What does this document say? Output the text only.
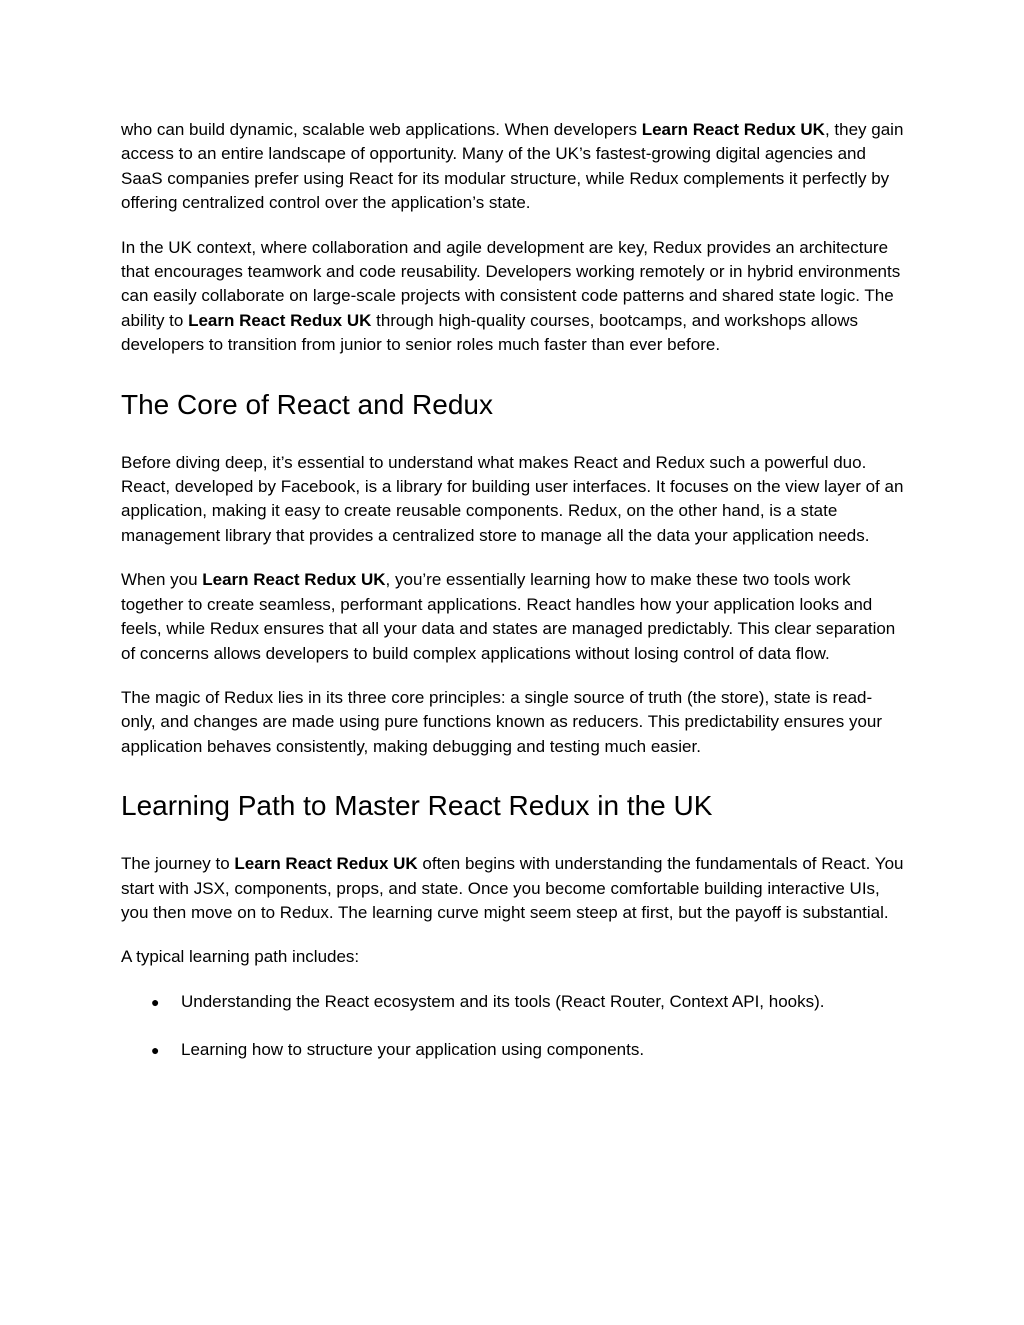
who can build dynamic, scalable web applications. When developers Learn React Redux UK, they gain access to an entire landscape of opportunity. Many of the UK’s fastest-growing digital agencies and SaaS companies prefer using React for its modular structure, while Redux complements it perfectly by offering centralized control over the application’s state.

In the UK context, where collaboration and agile development are key, Redux provides an architecture that encourages teamwork and code reusability. Developers working remotely or in hybrid environments can easily collaborate on large-scale projects with consistent code patterns and shared state logic. The ability to Learn React Redux UK through high-quality courses, bootcamps, and workshops allows developers to transition from junior to senior roles much faster than ever before.

The Core of React and Redux

Before diving deep, it’s essential to understand what makes React and Redux such a powerful duo. React, developed by Facebook, is a library for building user interfaces. It focuses on the view layer of an application, making it easy to create reusable components. Redux, on the other hand, is a state management library that provides a centralized store to manage all the data your application needs.

When you Learn React Redux UK, you’re essentially learning how to make these two tools work together to create seamless, performant applications. React handles how your application looks and feels, while Redux ensures that all your data and states are managed predictably. This clear separation of concerns allows developers to build complex applications without losing control of data flow.

The magic of Redux lies in its three core principles: a single source of truth (the store), state is read-only, and changes are made using pure functions known as reducers. This predictability ensures your application behaves consistently, making debugging and testing much easier.

Learning Path to Master React Redux in the UK

The journey to Learn React Redux UK often begins with understanding the fundamentals of React. You start with JSX, components, props, and state. Once you become comfortable building interactive UIs, you then move on to Redux. The learning curve might seem steep at first, but the payoff is substantial.

A typical learning path includes:

● Understanding the React ecosystem and its tools (React Router, Context API, hooks).
● Learning how to structure your application using components.
